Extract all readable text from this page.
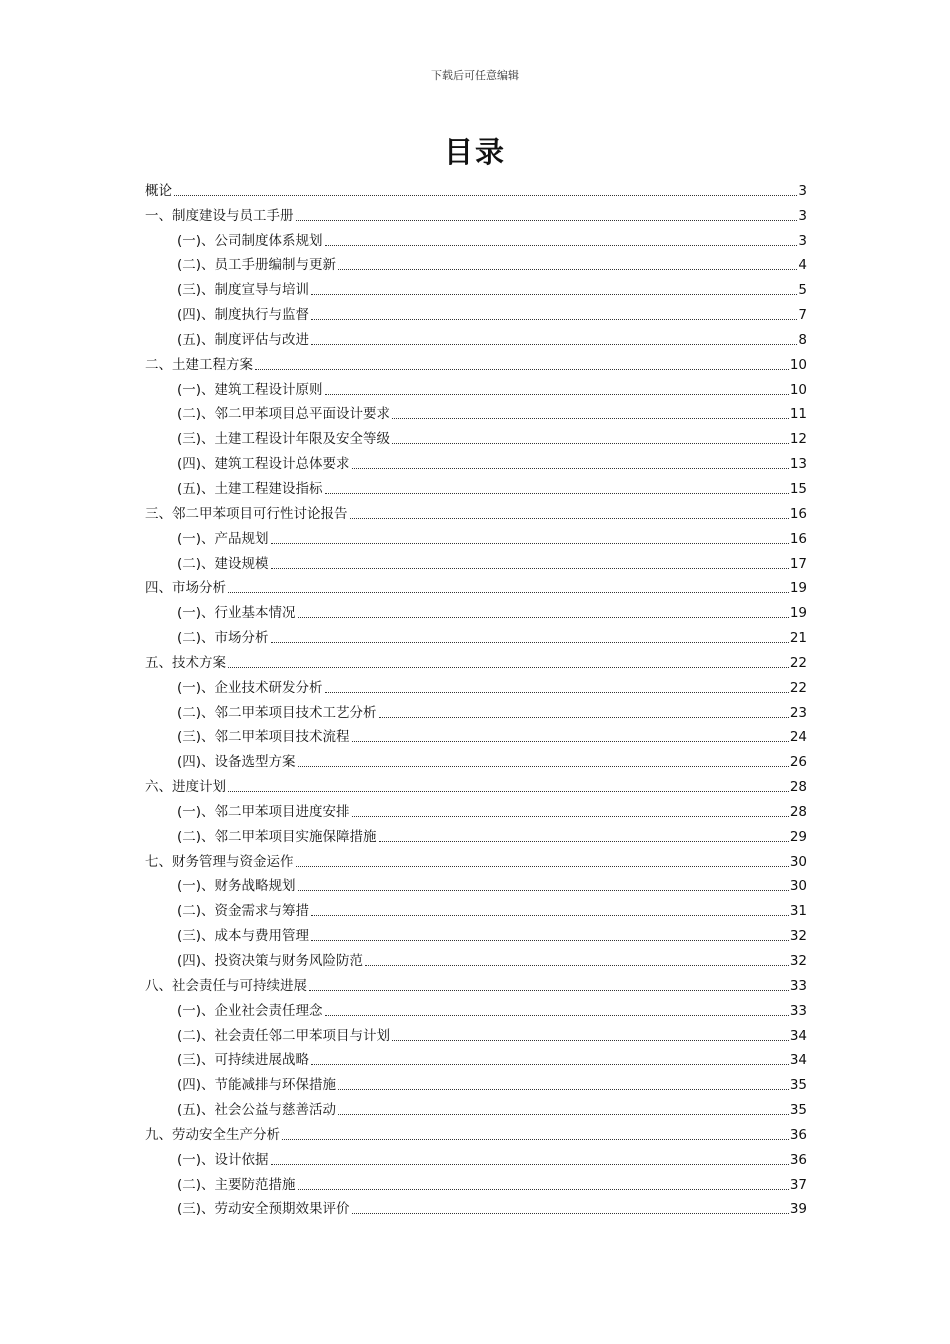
下载后可任意编辑
目录
概论	3
一、制度建设与员工手册	3
(一)、公司制度体系规划	3
(二)、员工手册编制与更新	4
(三)、制度宣导与培训	5
(四)、制度执行与监督	7
(五)、制度评估与改进	8
二、土建工程方案	10
(一)、建筑工程设计原则	10
(二)、邻二甲苯项目总平面设计要求	11
(三)、土建工程设计年限及安全等级	12
(四)、建筑工程设计总体要求	13
(五)、土建工程建设指标	15
三、邻二甲苯项目可行性讨论报告	16
(一)、产品规划	16
(二)、建设规模	17
四、市场分析	19
(一)、行业基本情况	19
(二)、市场分析	21
五、技术方案	22
(一)、企业技术研发分析	22
(二)、邻二甲苯项目技术工艺分析	23
(三)、邻二甲苯项目技术流程	24
(四)、设备选型方案	26
六、进度计划	28
(一)、邻二甲苯项目进度安排	28
(二)、邻二甲苯项目实施保障措施	29
七、财务管理与资金运作	30
(一)、财务战略规划	30
(二)、资金需求与筹措	31
(三)、成本与费用管理	32
(四)、投资决策与财务风险防范	32
八、社会责任与可持续进展	33
(一)、企业社会责任理念	33
(二)、社会责任邻二甲苯项目与计划	34
(三)、可持续进展战略	34
(四)、节能减排与环保措施	35
(五)、社会公益与慈善活动	35
九、劳动安全生产分析	36
(一)、设计依据	36
(二)、主要防范措施	37
(三)、劳动安全预期效果评价	39
